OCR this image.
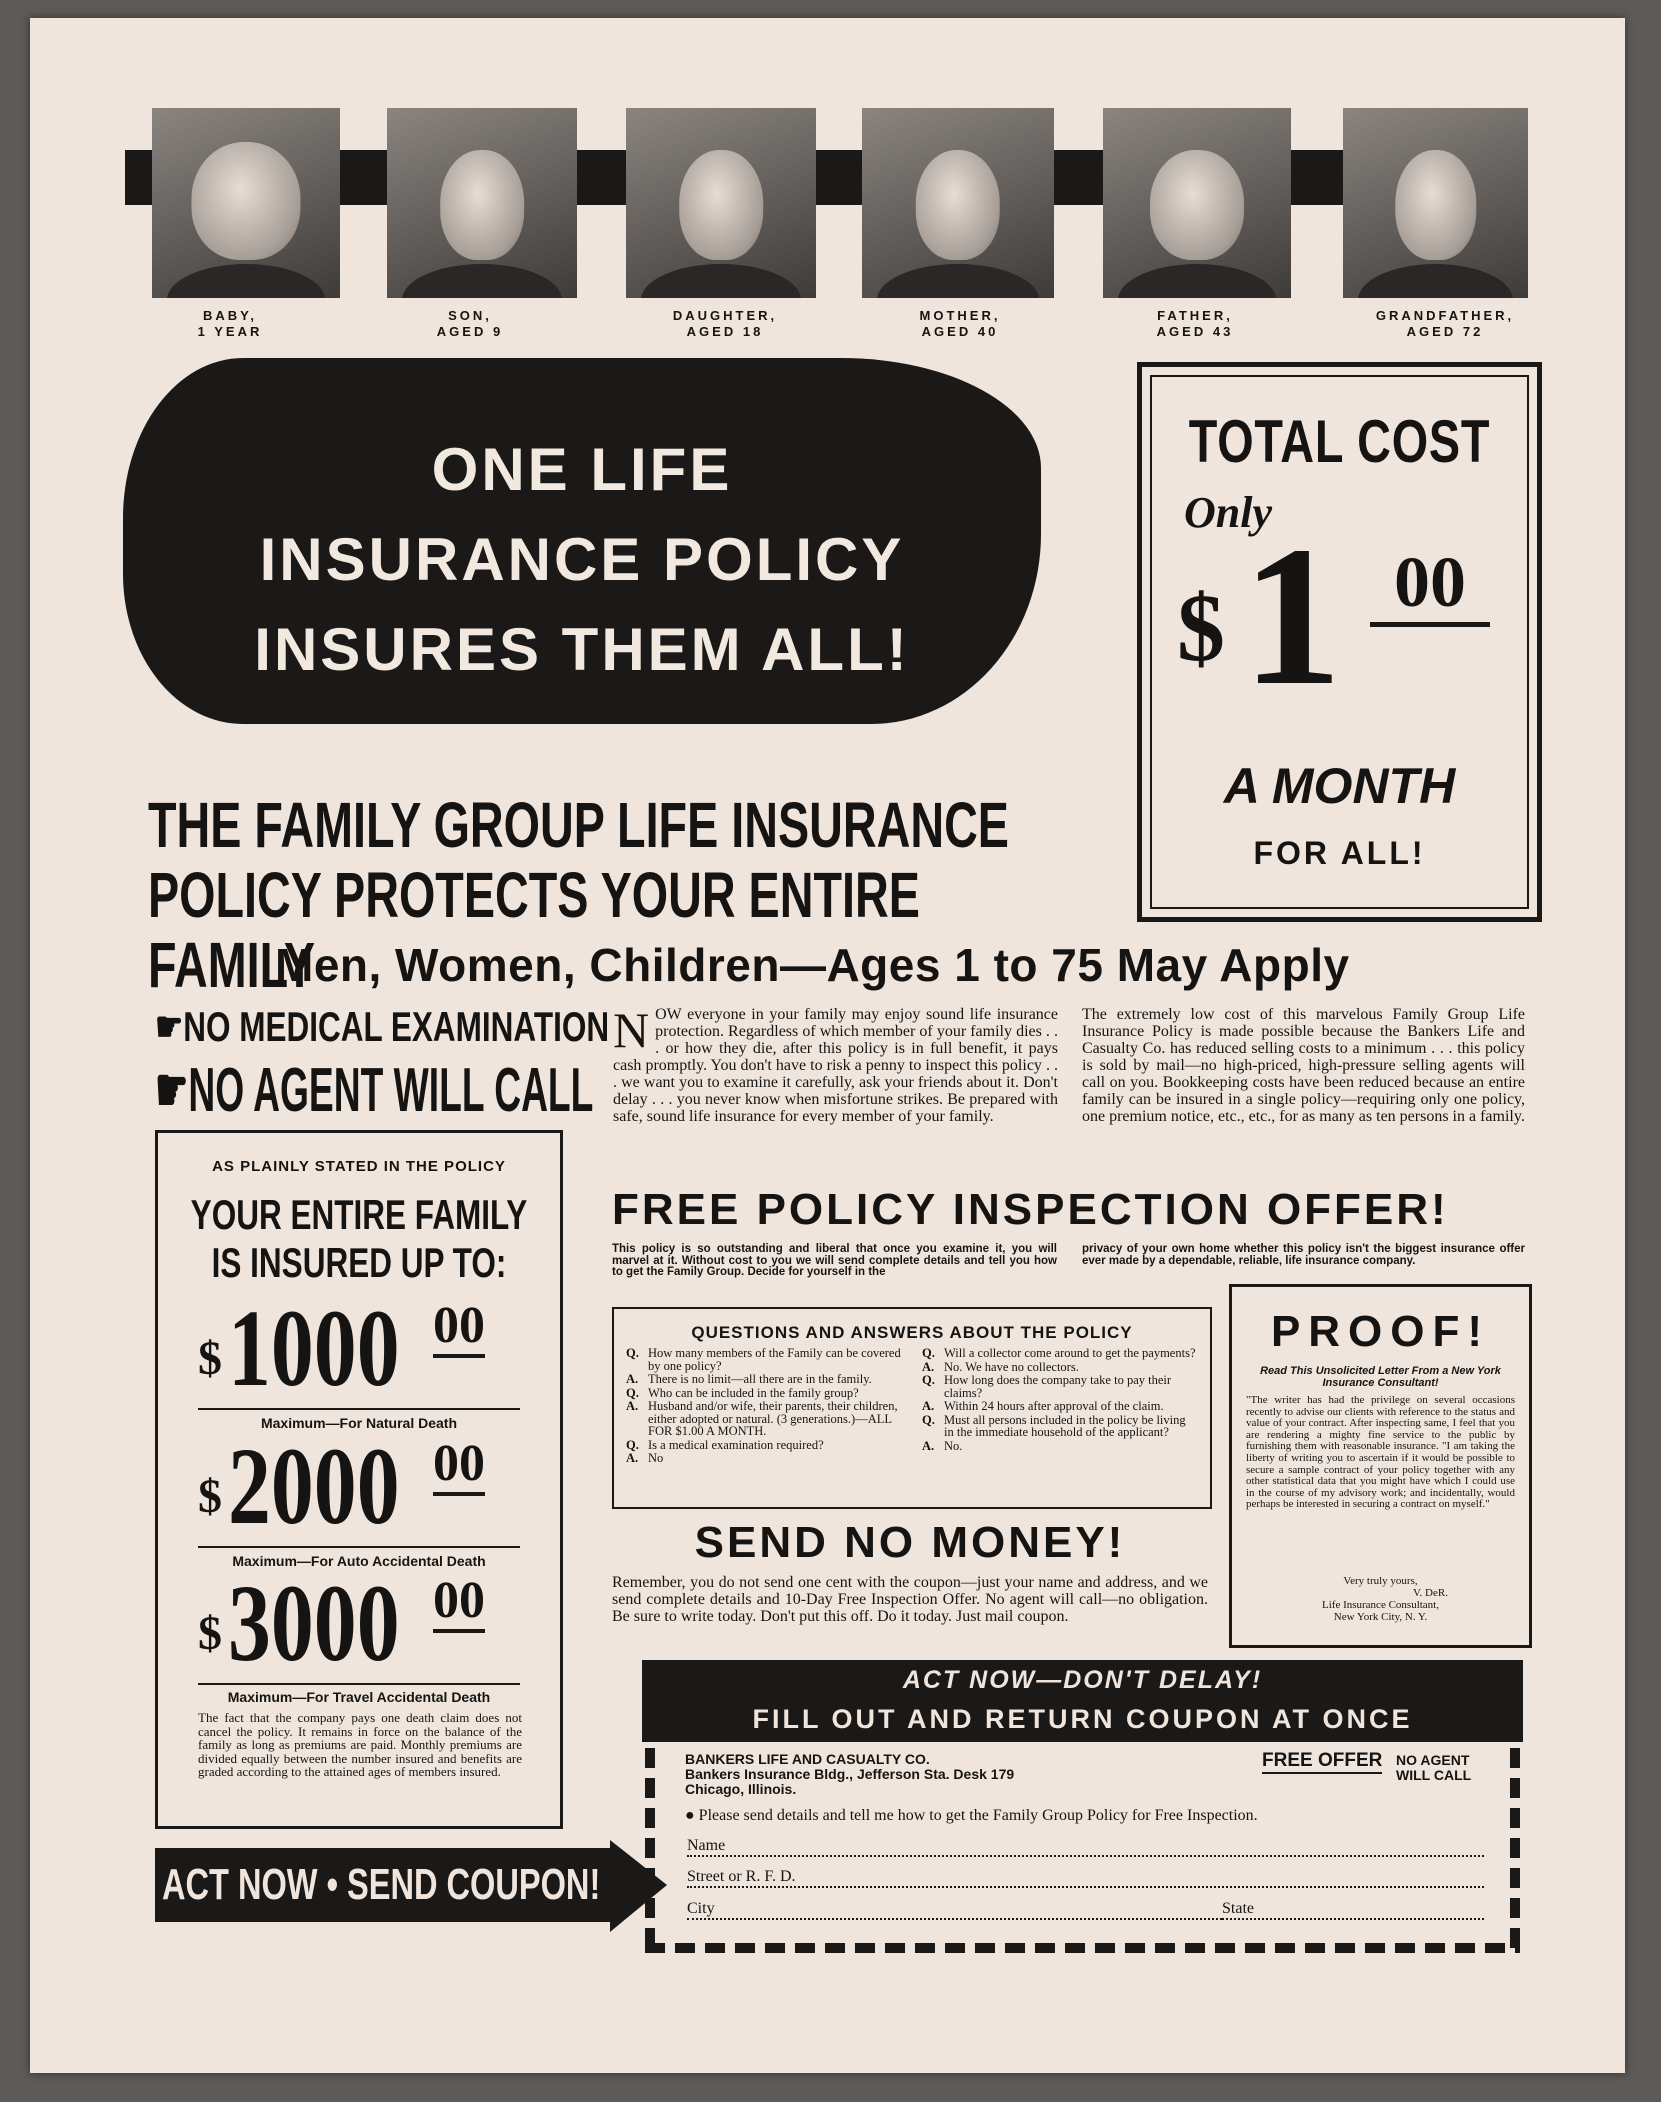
BABY,
1 YEAR
SON,
AGED 9
DAUGHTER,
AGED 18
MOTHER,
AGED 40
FATHER,
AGED 43
GRANDFATHER,
AGED 72
ONE LIFE
INSURANCE POLICY
INSURES THEM ALL!
TOTAL COST
Only
$ 1 00
A MONTH
FOR ALL!
THE FAMILY GROUP LIFE INSURANCE
POLICY PROTECTS YOUR ENTIRE FAMILY
Men, Women, Children—Ages 1 to 75 May Apply
☛NO MEDICAL EXAMINATION
☛NO AGENT WILL CALL
AS PLAINLY STATED IN THE POLICY
YOUR ENTIRE FAMILY
IS INSURED UP TO:
$ 1000 00
Maximum—For Natural Death
$ 2000 00
Maximum—For Auto Accidental Death
$ 3000 00
Maximum—For Travel Accidental Death
The fact that the company pays one death claim does not cancel the policy. It remains in force on the balance of the family as long as premiums are paid. Monthly premiums are divided equally between the number insured and benefits are graded according to the attained ages of members insured.
NOW everyone in your family may enjoy sound life insurance protection. Regardless of which member of your family dies . . . or how they die, after this policy is in full benefit, it pays cash promptly. You don't have to risk a penny to inspect this policy . . . we want you to examine it carefully, ask your friends about it. Don't delay . . . you never know when misfortune strikes. Be prepared with safe, sound life insurance for every member of your family.
The extremely low cost of this marvelous Family Group Life Insurance Policy is made possible because the Bankers Life and Casualty Co. has reduced selling costs to a minimum . . . this policy is sold by mail—no high-priced, high-pressure selling agents will call on you. Bookkeeping costs have been reduced because an entire family can be insured in a single policy—requiring only one policy, one premium notice, etc., etc., for as many as ten persons in a family.
FREE POLICY INSPECTION OFFER!
This policy is so outstanding and liberal that once you examine it, you will marvel at it. Without cost to you we will send complete details and tell you how to get the Family Group. Decide for yourself in the
privacy of your own home whether this policy isn't the biggest insurance offer ever made by a dependable, reliable, life insurance company.
QUESTIONS AND ANSWERS ABOUT THE POLICY
Q. How many members of the Family can be covered by one policy?
A. There is no limit—all there are in the family.
Q. Who can be included in the family group?
A. Husband and/or wife, their parents, their children, either adopted or natural. (3 generations.)—ALL FOR $1.00 A MONTH.
Q. Is a medical examination required?
A. No
Q. Will a collector come around to get the payments?
A. No. We have no collectors.
Q. How long does the company take to pay their claims?
A. Within 24 hours after approval of the claim.
Q. Must all persons included in the policy be living in the immediate household of the applicant?
A. No.
PROOF!
Read This Unsolicited Letter From a New York Insurance Consultant!
"The writer has had the privilege on several occasions recently to advise our clients with reference to the status and value of your contract. After inspecting same, I feel that you are rendering a mighty fine service to the public by furnishing them with reasonable insurance. "I am taking the liberty of writing you to ascertain if it would be possible to secure a sample contract of your policy together with any other statistical data that you might have which I could use in the course of my advisory work; and incidentally, would perhaps be interested in securing a contract on myself."
Very truly yours,
V. DeR.
Life Insurance Consultant,
New York City, N. Y.
SEND NO MONEY!
Remember, you do not send one cent with the coupon—just your name and address, and we send complete details and 10-Day Free Inspection Offer. No agent will call—no obligation. Be sure to write today. Don't put this off. Do it today. Just mail coupon.
ACT NOW—DON'T DELAY!
FILL OUT AND RETURN COUPON AT ONCE
BANKERS LIFE AND CASUALTY CO.
Bankers Insurance Bldg., Jefferson Sta. Desk 179
Chicago, Illinois.
FREE OFFER NO AGENT
WILL CALL
● Please send details and tell me how to get the Family Group Policy for Free Inspection.
Name
Street or R. F. D.
City	State
ACT NOW • SEND COUPON!
